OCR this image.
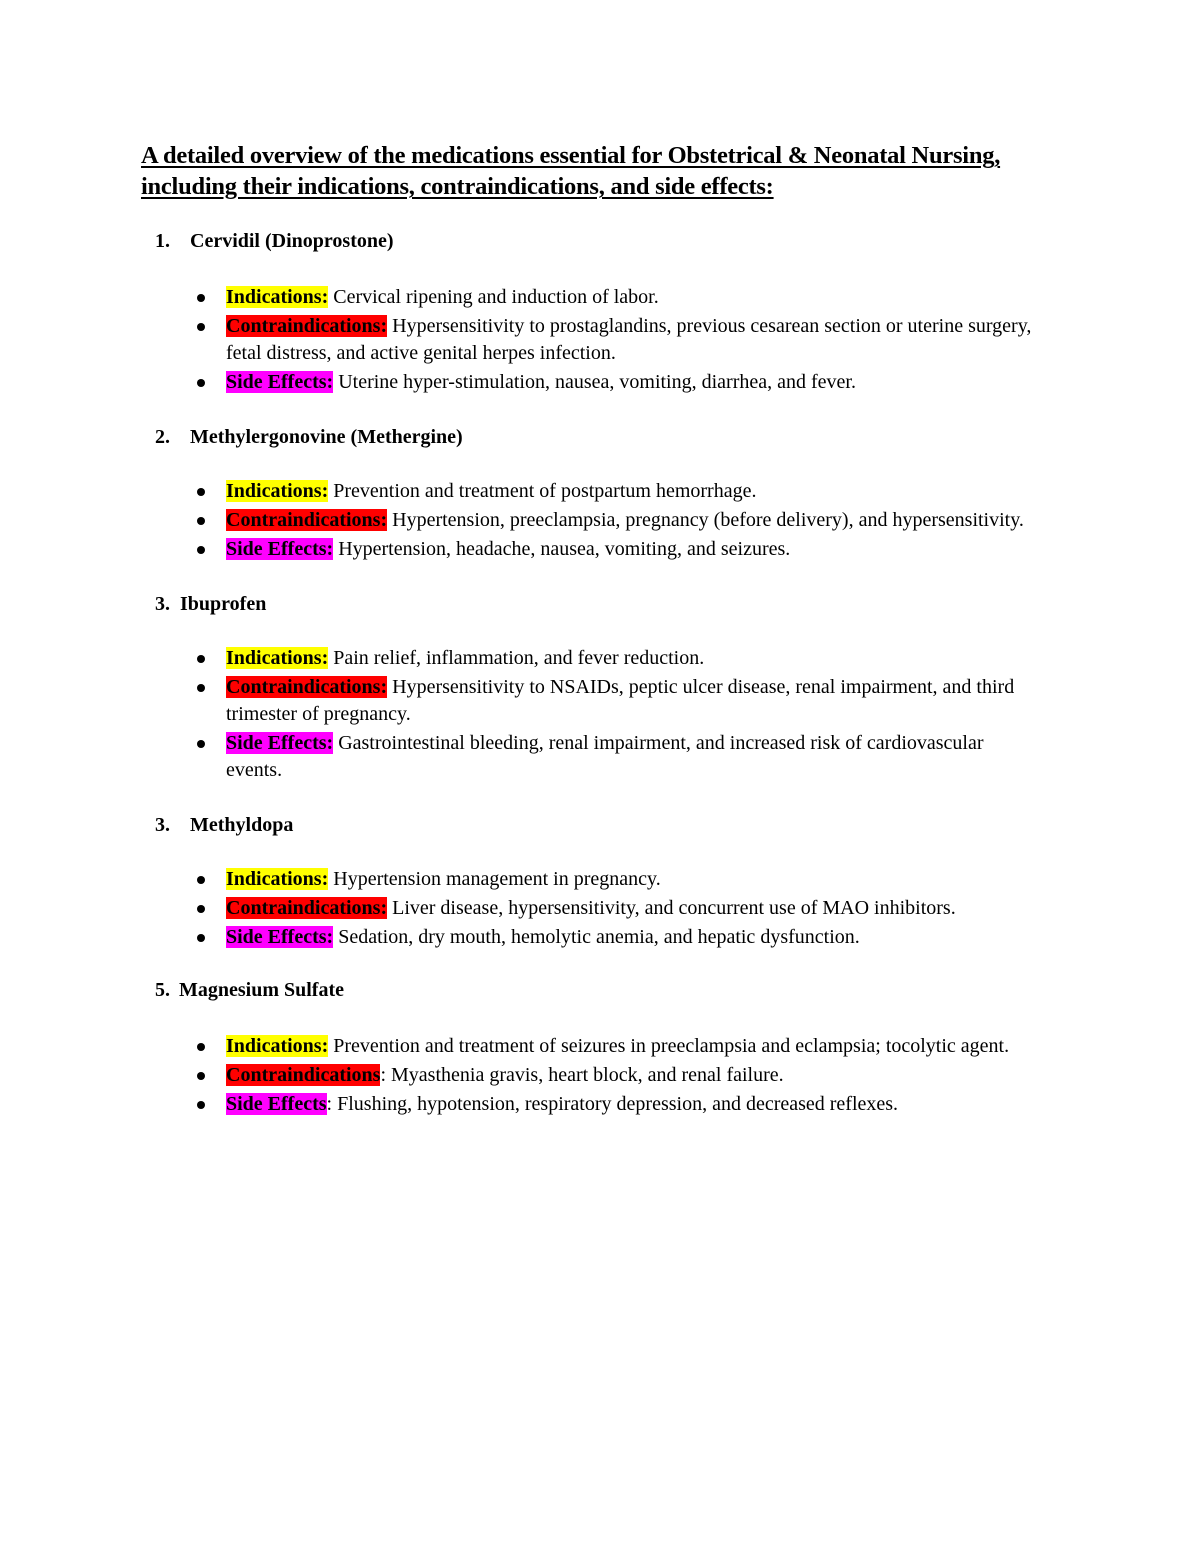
A detailed overview of the medications essential for Obstetrical & Neonatal Nursing, including their indications, contraindications, and side effects:
1.	Cervidil (Dinoprostone)
Indications: Cervical ripening and induction of labor.
Contraindications: Hypersensitivity to prostaglandins, previous cesarean section or uterine surgery, fetal distress, and active genital herpes infection.
Side Effects: Uterine hyper-stimulation, nausea, vomiting, diarrhea, and fever.
2.	Methylergonovine (Methergine)
Indications: Prevention and treatment of postpartum hemorrhage.
Contraindications: Hypertension, preeclampsia, pregnancy (before delivery), and hypersensitivity.
Side Effects: Hypertension, headache, nausea, vomiting, and seizures.
3. Ibuprofen
Indications: Pain relief, inflammation, and fever reduction.
Contraindications: Hypersensitivity to NSAIDs, peptic ulcer disease, renal impairment, and third trimester of pregnancy.
Side Effects: Gastrointestinal bleeding, renal impairment, and increased risk of cardiovascular events.
3.	Methyldopa
Indications: Hypertension management in pregnancy.
Contraindications: Liver disease, hypersensitivity, and concurrent use of MAO inhibitors.
Side Effects: Sedation, dry mouth, hemolytic anemia, and hepatic dysfunction.
5. Magnesium Sulfate
Indications: Prevention and treatment of seizures in preeclampsia and eclampsia; tocolytic agent.
Contraindications: Myasthenia gravis, heart block, and renal failure.
Side Effects: Flushing, hypotension, respiratory depression, and decreased reflexes.
